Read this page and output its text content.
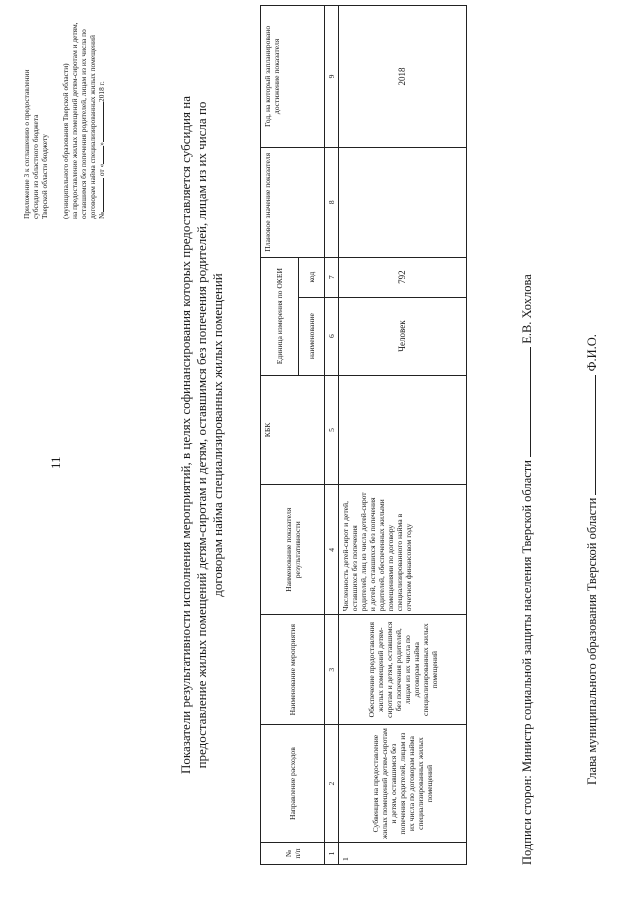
11

Приложение 3 к соглашению о предоставлении субсидии из областного бюджета Тверской области бюджету (муниципального образования Тверской области) на предоставление жилых помещений детям-сиротам и детям, оставшимся без попечения родителей, лицам из их числа по договорам найма специализированных жилых помещений № от «»2018 г.

Показатели результативности исполнения мероприятий, в целях софинансирования которых предоставляется субсидия на предоставление жилых помещений детям-сиротам и детям, оставшимся без попечения родителей, лицам из их числа по договорам найма специализированных жилых помещений
№ п/п	Направление расходов	Наименование мероприятия	Наименование показателя результативности	КБК	Единица измерения по ОКЕИ		Плановое значение показателя	Год, на который запланировано достижение показателя
					наименование	код		
1	2	3	4	5	6	7	8	9
1	Субвенция на предоставление жилых помещений детям-сиротам и детям, оставшимся без попечения родителей, лицам из их числа по договорам найма специализированных жилых помещений	Обеспечение предоставления жилых помещений детям-сиротам и детям, оставшимся без попечения родителей, лицам из их числа по договорам найма специализированных жилых помещений	Численность детей-сирот и детей, оставшихся без попечения родителей, лиц из числа детей-сирот и детей, оставшихся без попечения родителей, обеспеченных жилыми помещениями по договору специализированного найма в отчетном финансовом году		Человек	792		2018
Подписи сторон: Министр социальной защиты населения Тверской области  Е.В. Хохлова
Глава муниципального образования Тверской области  Ф.И.О.
